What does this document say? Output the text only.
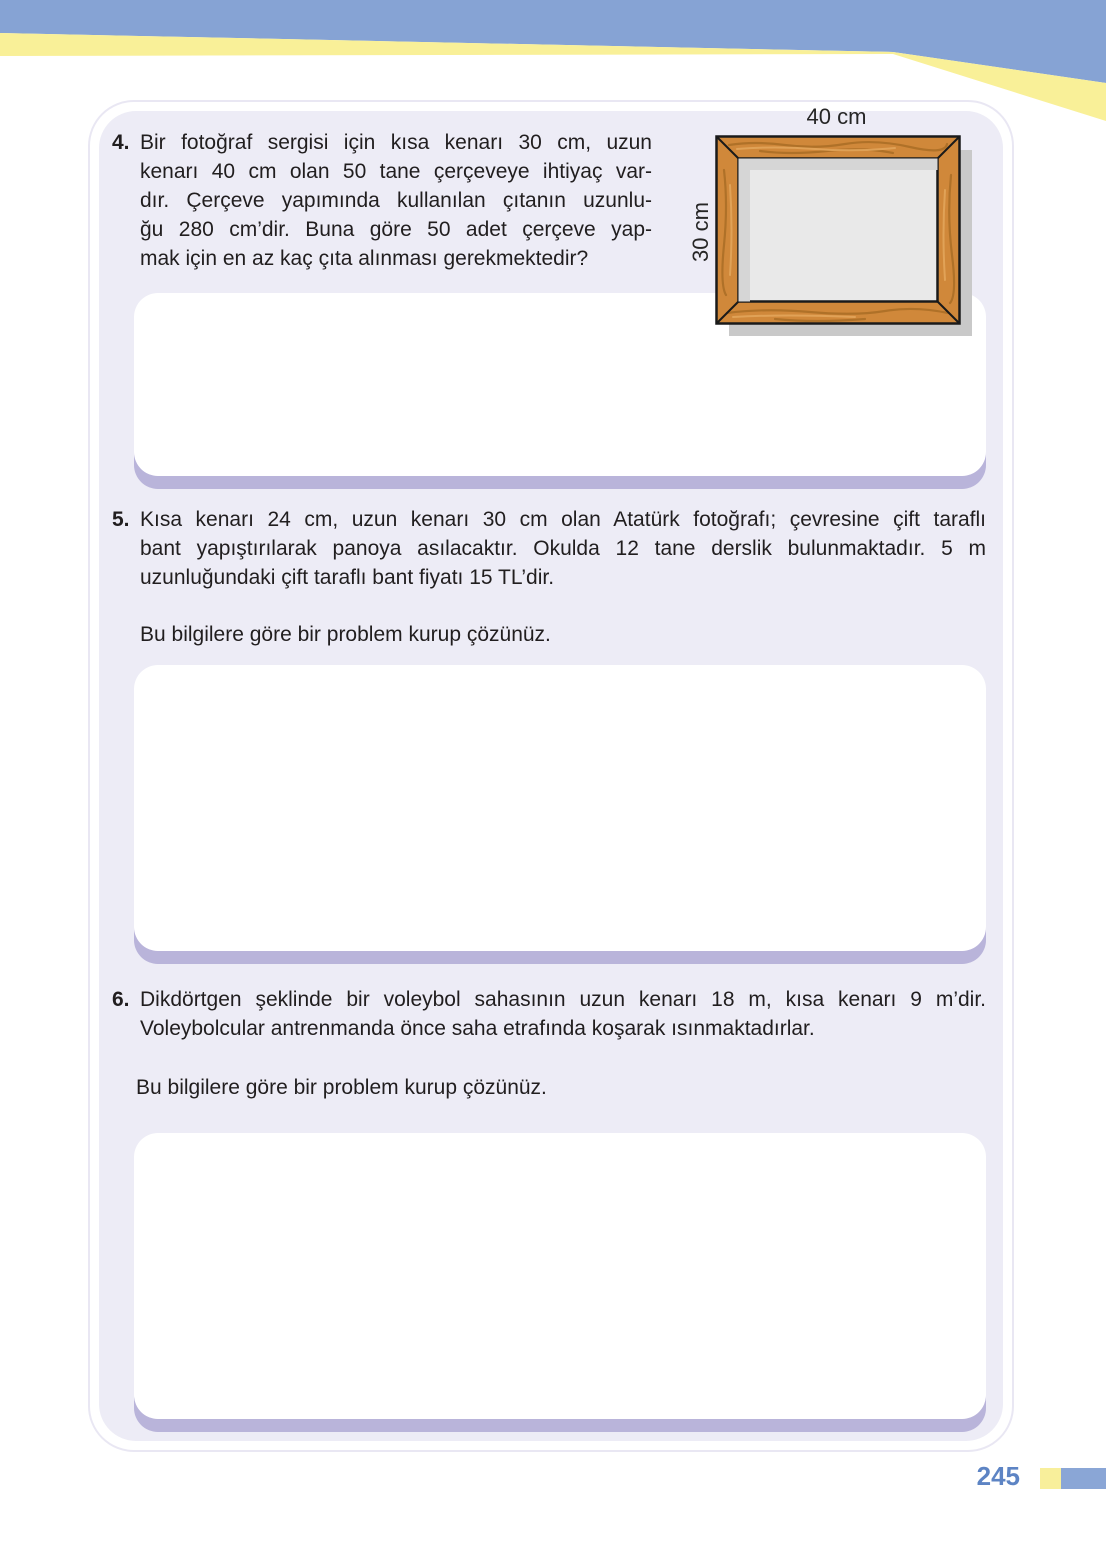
4. Bir fotoğraf sergisi için kısa kenarı 30 cm, uzun
kenarı 40 cm olan 50 tane çerçeveye ihtiyaç var-
dır. Çerçeve yapımında kullanılan çıtanın uzunlu-
ğu 280 cm’dir. Buna göre 50 adet çerçeve yap-
mak için en az kaç çıta alınması gerekmektedir?
40 cm
30 cm
5. Kısa kenarı 24 cm, uzun kenarı 30 cm olan Atatürk fotoğrafı; çevresine çift taraflı
bant yapıştırılarak panoya asılacaktır. Okulda 12 tane derslik bulunmaktadır. 5 m
uzunluğundaki çift taraflı bant fiyatı 15 TL’dir.
Bu bilgilere göre bir problem kurup çözünüz.
6. Dikdörtgen şeklinde bir voleybol sahasının uzun kenarı 18 m, kısa kenarı 9 m’dir.
Voleybolcular antrenmanda önce saha etrafında koşarak ısınmaktadırlar.
Bu bilgilere göre bir problem kurup çözünüz.
245
